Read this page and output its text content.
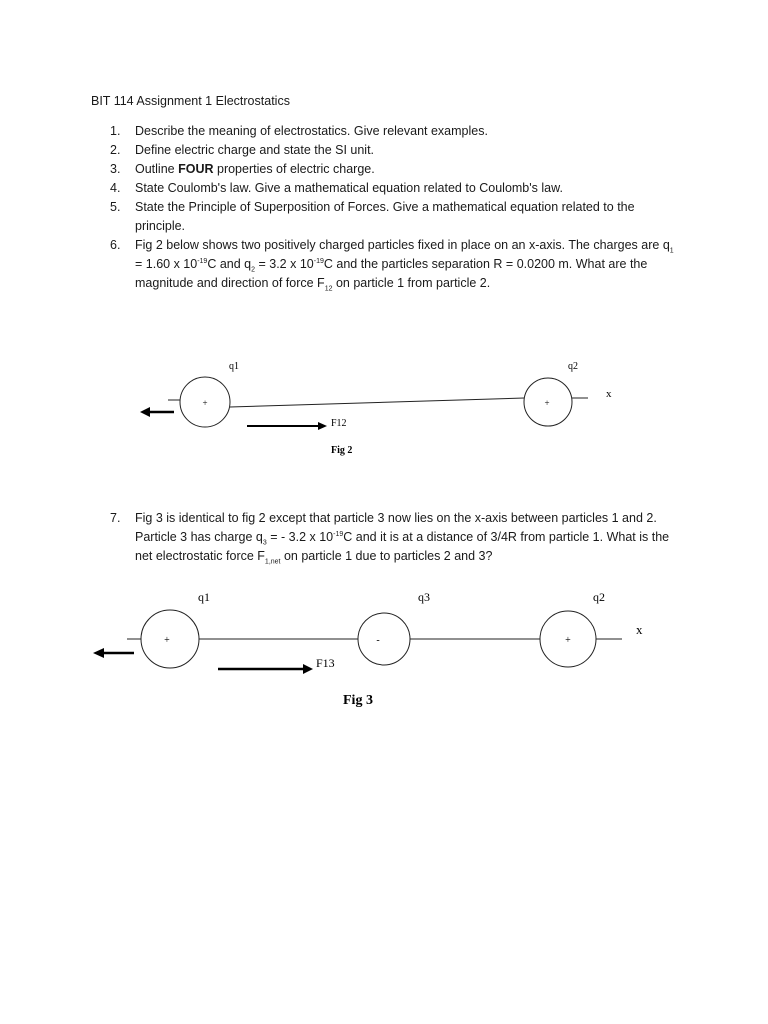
BIT 114 Assignment 1 Electrostatics
1.	Describe the meaning of electrostatics. Give relevant examples.
2.	Define electric charge and state the SI unit.
3.	Outline FOUR properties of electric charge.
4.	State Coulomb's law. Give a mathematical equation related to Coulomb's law.
5.	State the Principle of Superposition of Forces. Give a mathematical equation related to the principle.
6.	Fig 2 below shows two positively charged particles fixed in place on an x-axis. The charges are $q_1 = 1.60$ x $10^{-19}C$ and $q_2 = 3.2$ x $10^{-19}C$ and the particles separation R = 0.0200 m. What are the magnitude and direction of force $F_{12}$ on particle 1 from particle 2.
+	+
q1	q2
x
F12
Fig 2
7.	Fig 3 is identical to fig 2 except that particle 3 now lies on the x-axis between particles 1 and 2. Particle 3 has charge $q_3$ = - 3.2 x $10^{-19}C$ and it is at a distance of 3/4R from particle 1. What is the net electrostatic force $F_{1,net}$ on particle 1 due to particles 2 and 3?
+	-	+
q1	q3	q2
x
F13
Fig 3
